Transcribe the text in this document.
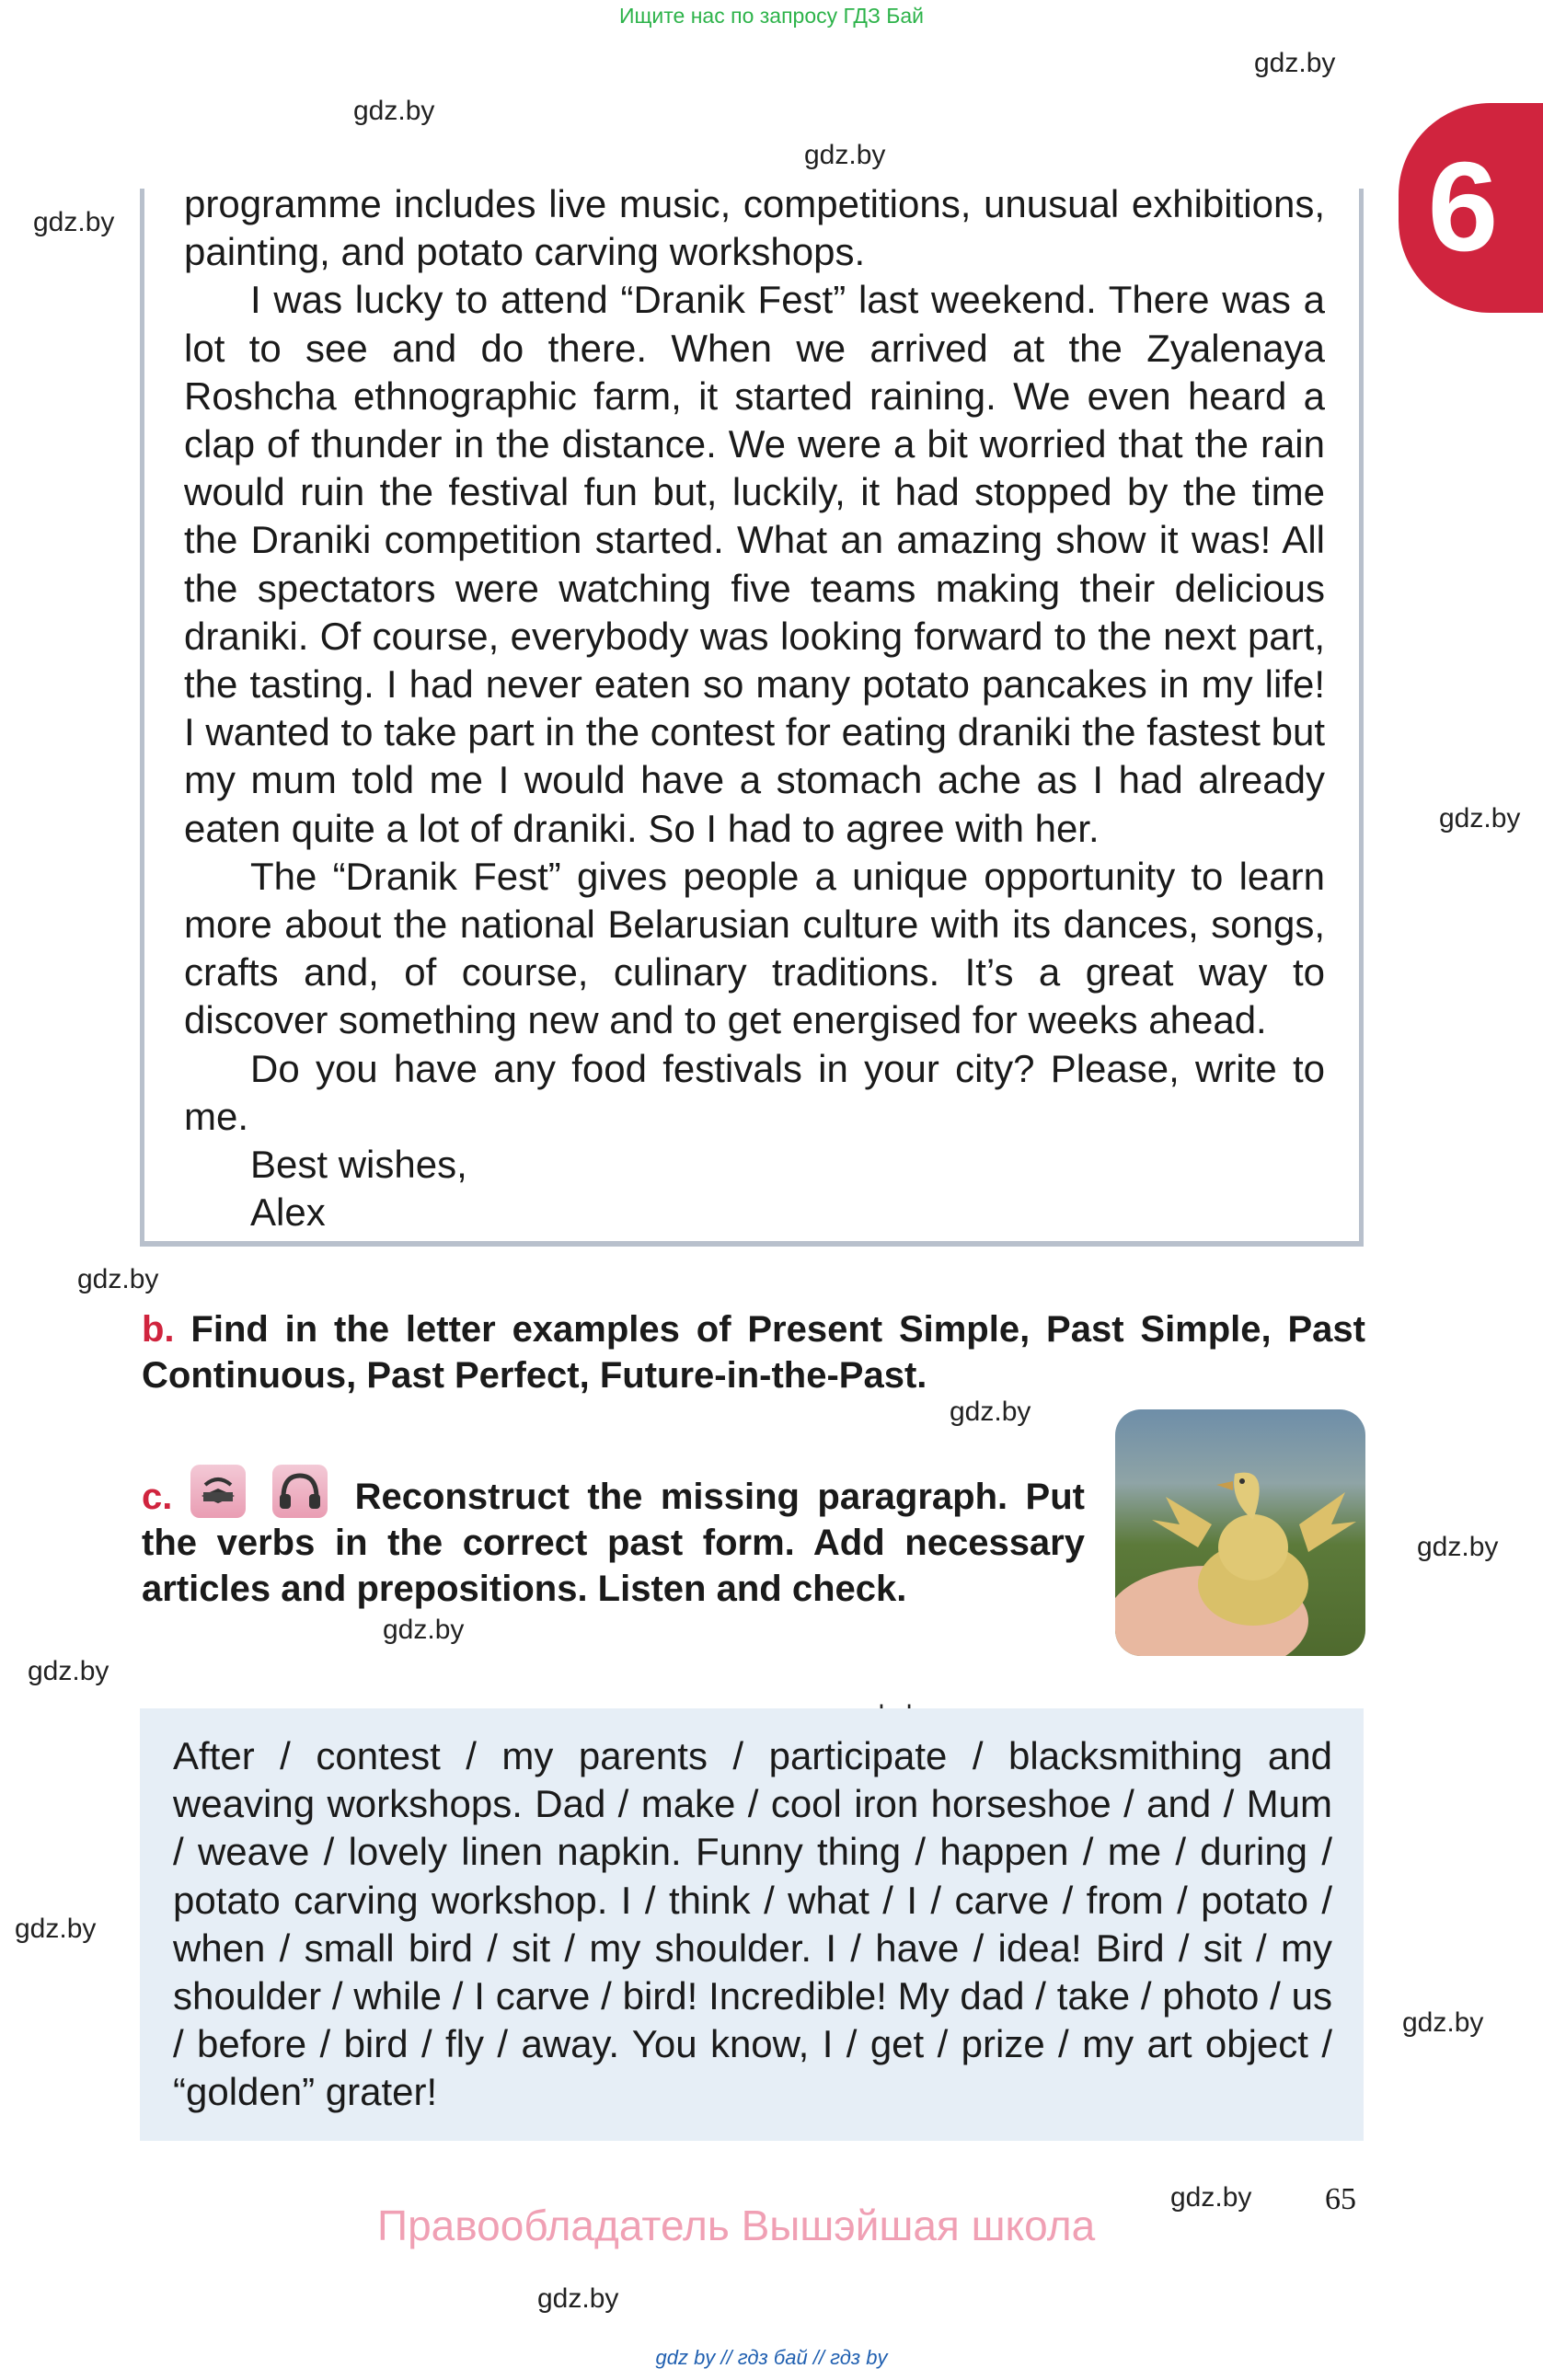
Ищите нас по запросу ГДЗ Бай
gdz.by
gdz.by
gdz.by
gdz.by
gdz.by
gdz.by
gdz.by
gdz.by
gdz.by
gdz.by
gdz.by
gdz.by
gdz.by
gdz.by
6

programme includes live music, competitions, unusual exhibitions, painting, and potato carving workshops.

I was lucky to attend “Dranik Fest” last weekend. There was a lot to see and do there. When we arrived at the Zyalenaya Roshcha ethnographic farm, it started raining. We even heard a clap of thunder in the distance. We were a bit worried that the rain would ruin the festival fun but, luckily, it had stopped by the time the Draniki competition started. What an amazing show it was! All the spectators were watching five teams making their delicious draniki. Of course, everybody was looking forward to the next part, the tasting. I had never eaten so many potato pancakes in my life! I wanted to take part in the contest for eating draniki the fastest but my mum told me I would have a stomach ache as I had already eaten quite a lot of draniki. So I had to agree with her.

The “Dranik Fest” gives people a unique opportunity to learn more about the national Belarusian culture with its dances, songs, crafts and, of course, culinary traditions. It’s a great way to discover something new and to get energised for weeks ahead.

Do you have any food festivals in your city? Please, write to me.

Best wishes,

Alex

b. Find in the letter examples of Present Simple, Past Simple, Past Continuous, Past Perfect, Future-in-the-Past.
c.	Reconstruct the missing paragraph. Put the verbs in the correct past form. Add necessary articles and prepositions. Listen and check.
After / contest / my parents / participate / blacksmithing and weaving workshops. Dad / make / cool iron horseshoe / and / Mum / weave / lovely linen napkin. Funny thing / happen / me / during / potato carving workshop. I / think / what / I / carve / from / potato / when / small bird / sit / my shoulder. I / have / idea! Bird / sit / my shoulder / while / I carve / bird! Incredible! My dad / take / photo / us / before / bird / fly / away. You know, I / get / prize / my art object / “golden” grater!
65
Правообладатель Вышэйшая школа
gdz by // гдз бай // гдз by
